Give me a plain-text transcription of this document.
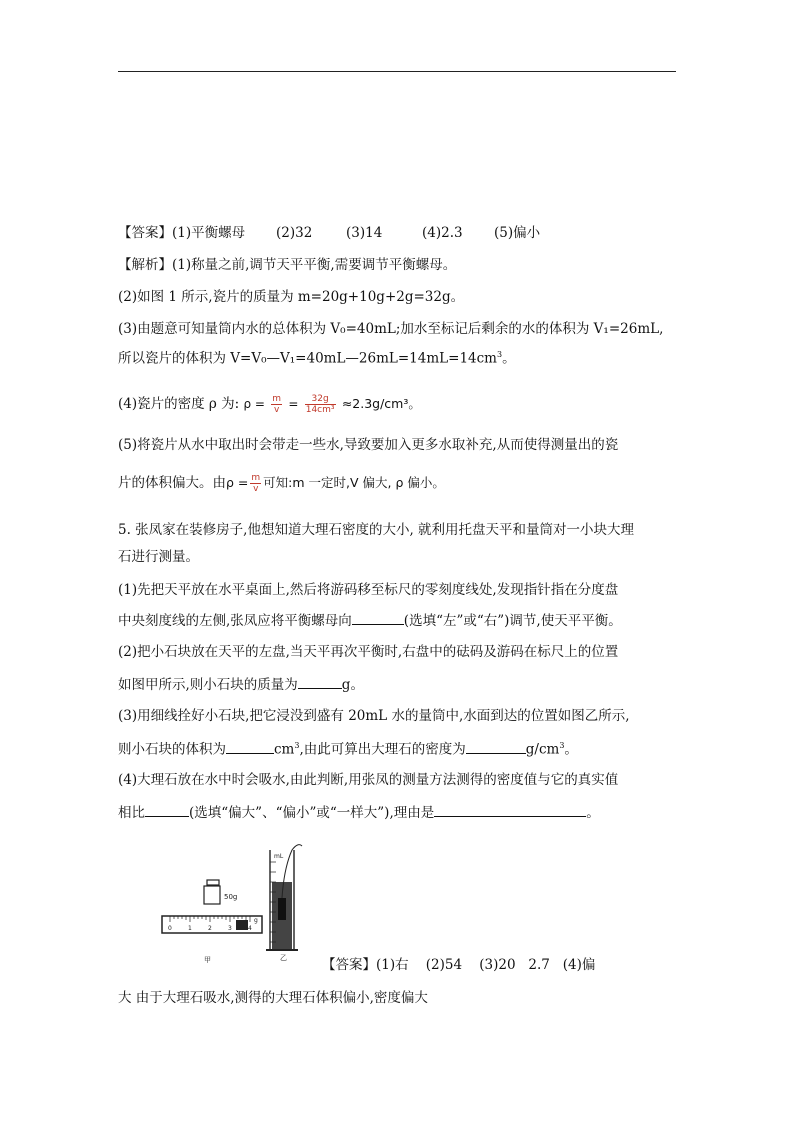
【答案】(1)平衡螺母 (2)32 (3)14	(4)2.3 (5)偏小
【解析】(1)称量之前,调节天平平衡,需要调节平衡螺母。
(2)如图 1 所示,瓷片的质量为 m=20g+10g+2g=32g。
(3)由题意可知量筒内水的总体积为 V₀=40mL;加水至标记后剩余的水的体积为 V₁=26mL,
所以瓷片的体积为 $V=V_0—V_1=40mL—26mL=14mL=14cm^3$。
(4)瓷片的密度 ρ 为: $\rho = \frac{m}{v} = \frac{32g}{\text{14cm³}} \approx 2.3g/cm^3$。
(5)将瓷片从水中取出时会带走一些水,导致要加入更多水取补充,从而使得测量出的瓷
片的体积偏大。由$\rho = \frac{m}{v}$ 可知:m 一定时,V 偏大, ρ 偏小。
5. 张凤家在装修房子,他想知道大理石密度的大小, 就利用托盘天平和量筒对一小块大理
石进行测量。
(1)先把天平放在水平桌面上,然后将游码移至标尺的零刻度线处,发现指针指在分度盘
中央刻度线的左侧,张凤应将平衡螺母向	(选填“左”或“右”)调节,使天平平衡。
(2)把小石块放在天平的左盘,当天平再次平衡时,右盘中的砝码及游码在标尺上的位置
如图甲所示,则小石块的质量为	g。
(3)用细线拴好小石块,把它浸没到盛有 20mL 水的量筒中,水面到达的位置如图乙所示,
则小石块的体积为	$cm^3$,由此可算出大理石的密度为	$g/cm^3$。
(4)大理石放在水中时会吸水,由此判断,用张凤的测量方法测得的密度值与它的真实值
相比	(选填“偏大”、“偏小”或“一样大”),理由是	。
50g
0	1	2	3	4
g
甲
mL
乙	【答案】(1)右    (2)54    (3)20   2.7   (4)偏
大 由于大理石吸水,测得的大理石体积偏小,密度偏大
